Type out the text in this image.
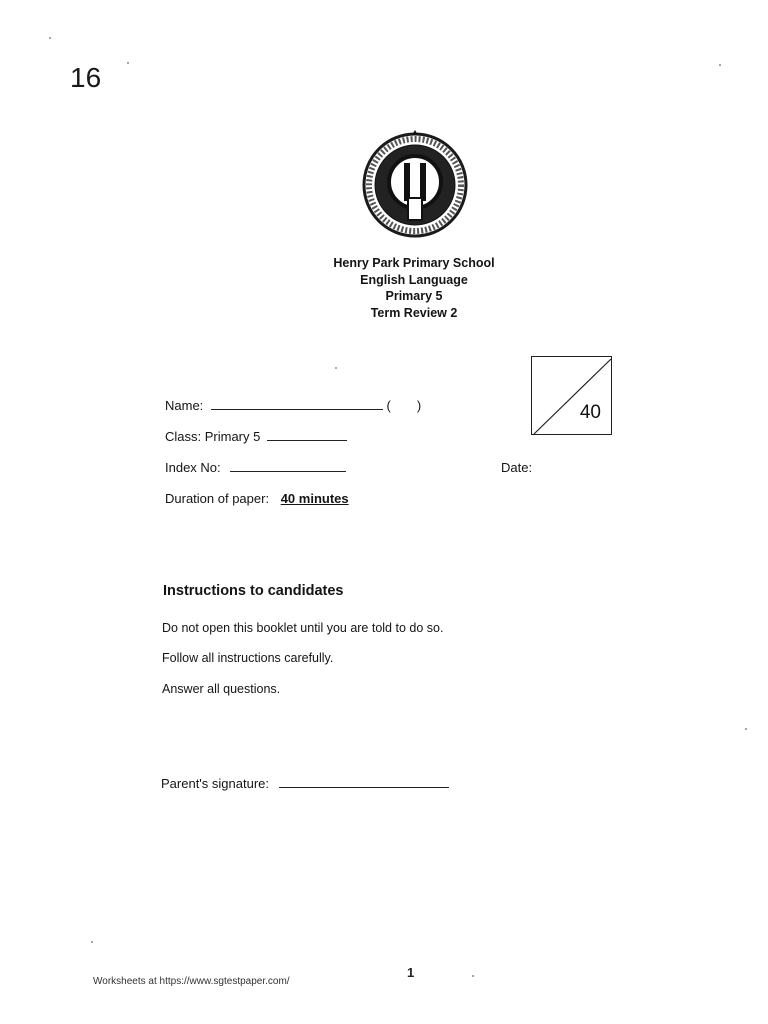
16
Henry Park Primary School
English Language
Primary 5
Term Review 2
40
Name:	(  )
Class: Primary 5
Index No:	Date:
Duration of paper: 40 minutes
Instructions to candidates
Do not open this booklet until you are told to do so.
Follow all instructions carefully.
Answer all questions.
Parent's signature:
Worksheets at https://www.sgtestpaper.com/
1
